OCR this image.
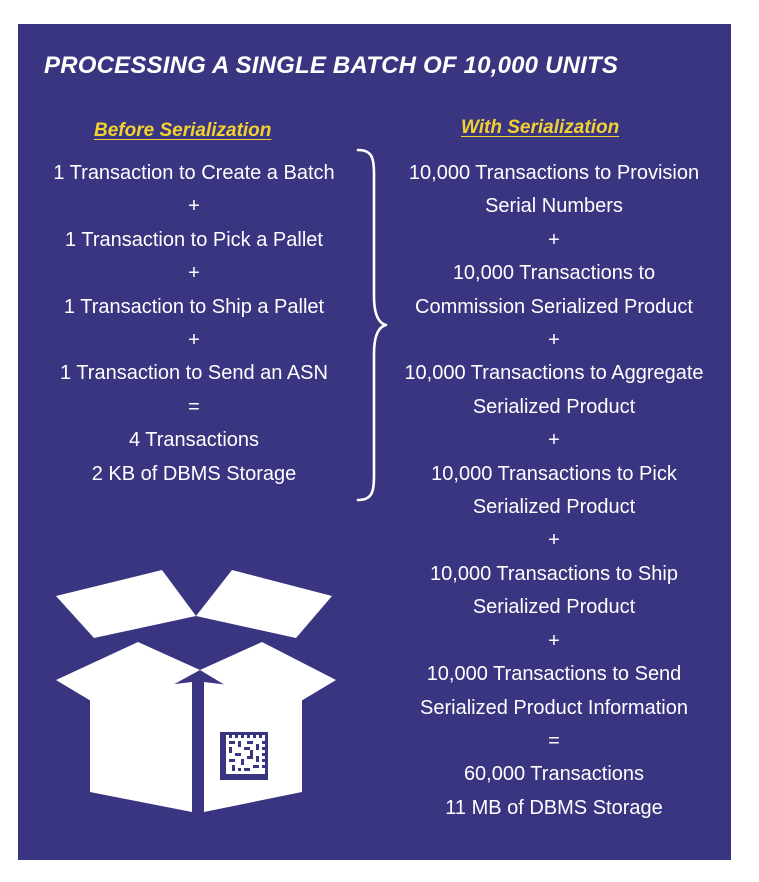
PROCESSING A SINGLE BATCH OF 10,000 UNITS
Before Serialization	With Serialization
1 Transaction to Create a Batch
+
1 Transaction to Pick a Pallet
+
1 Transaction to Ship a Pallet
+
1 Transaction to Send an ASN
=
4 Transactions
2 KB of DBMS Storage
10,000 Transactions to Provision
Serial Numbers
+
10,000 Transactions to
Commission Serialized Product
+
10,000 Transactions to Aggregate
Serialized Product
+
10,000 Transactions to Pick
Serialized Product
+
10,000 Transactions to Ship
Serialized Product
+
10,000 Transactions to Send
Serialized Product Information
=
60,000 Transactions
11 MB of DBMS Storage
